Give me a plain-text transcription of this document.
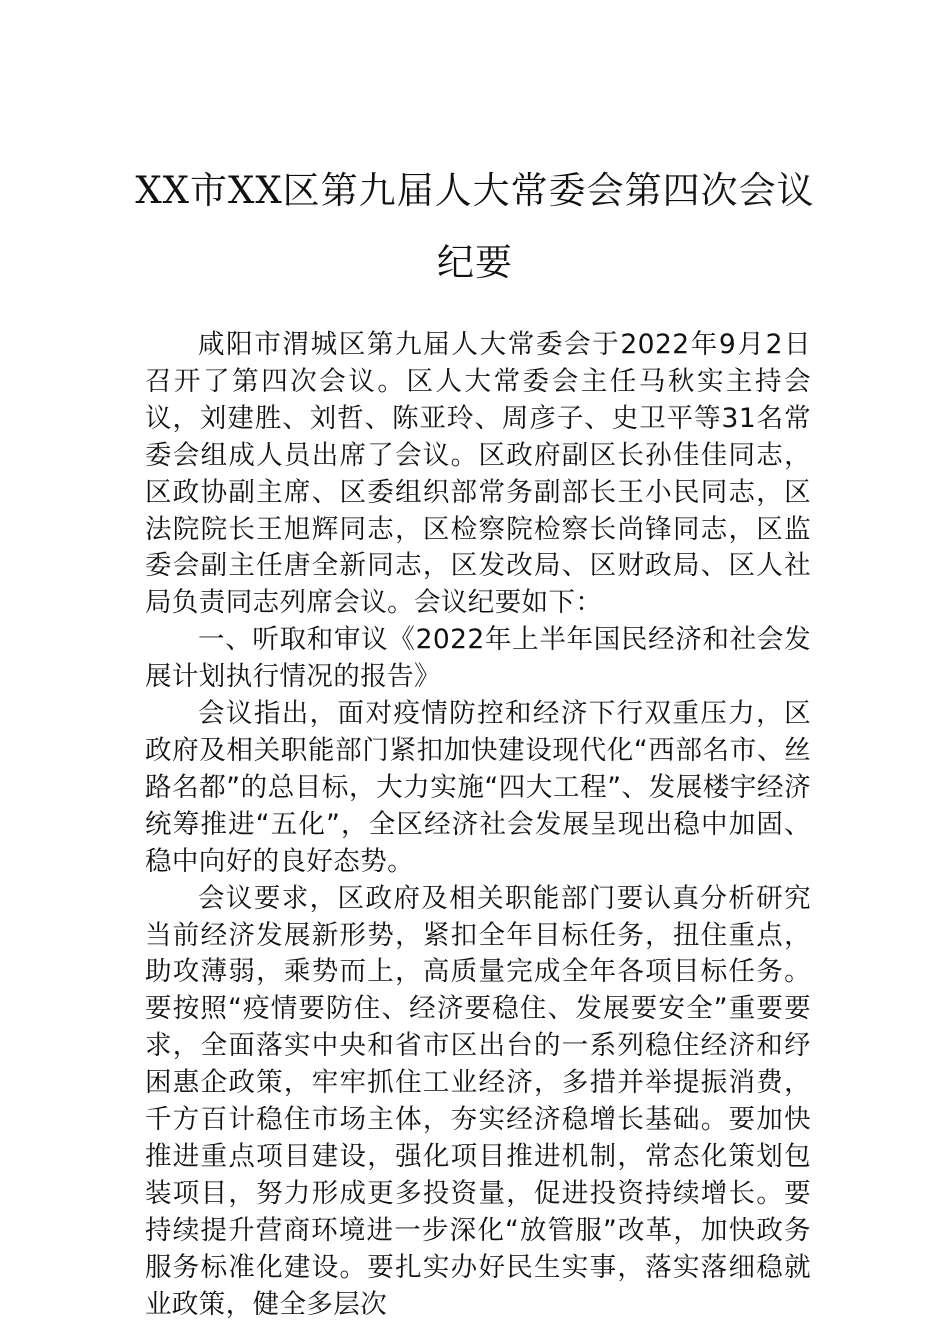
XX市XX区第九届人大常委会第四次会议
纪要

咸阳市渭城区第九届人大常委会于2022年9月2日召开了第四次会议。区人大常委会主任马秋实主持会议，刘建胜、刘哲、陈亚玲、周彦子、史卫平等31名常委会组成人员出席了会议。区政府副区长孙佳佳同志，区政协副主席、区委组织部常务副部长王小民同志，区法院院长王旭辉同志，区检察院检察长尚锋同志，区监委会副主任唐全新同志，区发改局、区财政局、区人社局负责同志列席会议。会议纪要如下：

一、听取和审议《2022年上半年国民经济和社会发展计划执行情况的报告》

会议指出，面对疫情防控和经济下行双重压力，区政府及相关职能部门紧扣加快建设现代化“西部名市、丝路名都”的总目标，大力实施“四大工程”、发展楼宇经济统筹推进“五化”，全区经济社会发展呈现出稳中加固、稳中向好的良好态势。

会议要求，区政府及相关职能部门要认真分析研究当前经济发展新形势，紧扣全年目标任务，扭住重点，助攻薄弱，乘势而上，高质量完成全年各项目标任务。要按照“疫情要防住、经济要稳住、发展要安全”重要要求，全面落实中央和省市区出台的一系列稳住经济和纾困惠企政策，牢牢抓住工业经济，多措并举提振消费，千方百计稳住市场主体，夯实经济稳增长基础。要加快推进重点项目建设，强化项目推进机制，常态化策划包装项目，努力形成更多投资量，促进投资持续增长。要持续提升营商环境进一步深化“放管服”改革，加快政务服务标准化建设。要扎实办好民生实事，落实落细稳就业政策，健全多层次
